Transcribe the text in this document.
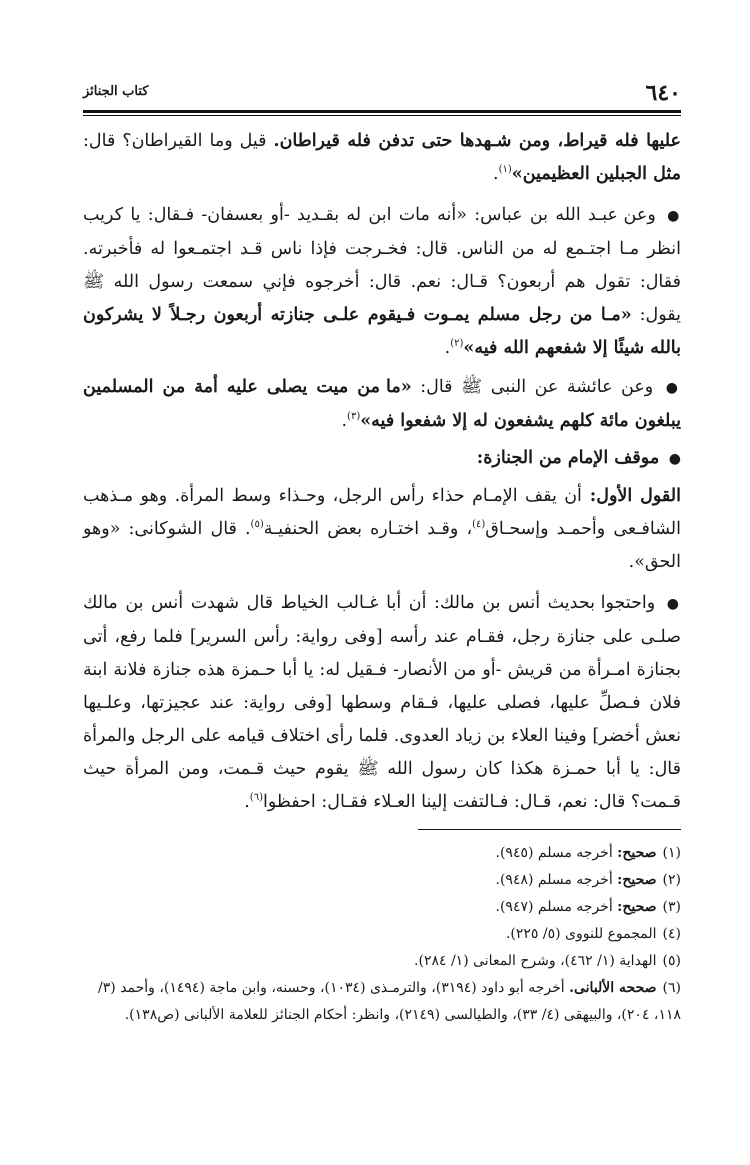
٦٤٠
كتاب الجنائز

عليها فله قيراط، ومن شـهدها حتى تدفن فله قيراطان. قيل وما القيراطان؟ قال: مثل الجبلين العظيمين»$^{(١)}$.

● وعن عبـد الله بن عباس: «أنه مات ابن له بقـديد -أو بعسفان- فـقال: يا كريب انظر مـا اجتـمع له من الناس. قال: فخـرجت فإذا ناس قـد اجتمـعوا له فأخبرته. فقال: تقول هم أربعون؟ قـال: نعم. قال: أخرجوه فإني سمعت رسول الله ﷺ يقول: «مـا من رجل مسلم يمـوت فـيقوم علـى جنازته أربعون رجـلاً لا يشركون بالله شيئًا إلا شفعهم الله فيه»$^{(٢)}$.

● وعن عائشة عن النبى ﷺ قال: «ما من ميت يصلى عليه أمة من المسلمين يبلغون مائة كلهم يشفعون له إلا شفعوا فيه»$^{(٣)}$.

● موقف الإمام من الجنازة:

القول الأول: أن يقف الإمـام حذاء رأس الرجل، وحـذاء وسط المرأة. وهو مـذهب الشافـعى وأحمـد وإسحـاق$^{(٤)}$، وقـد اختـاره بعض الحنفيـة$^{(٥)}$. قال الشوكانى: «وهو الحق».

● واحتجوا بحديث أنس بن مالك: أن أبا غـالب الخياط قال شهدت أنس بن مالك صلـى على جنازة رجل، فقـام عند رأسه [وفى رواية: رأس السرير] فلما رفع، أتى بجنازة امـرأة من قريش -أو من الأنصار- فـقيل له: يا أبا حـمزة هذه جنازة فلانة ابنة فلان فـصلِّ عليها، فصلى عليها، فـقام وسطها [وفى رواية: عند عجيزتها، وعلـيها نعش أخضر] وفينا العلاء بن زياد العدوى. فلما رأى اختلاف قيامه على الرجل والمرأة قال: يا أبا حمـزة هكذا كان رسول الله ﷺ يقوم حيث قـمت، ومن المرأة حيث قـمت؟ قال: نعم، قـال: فـالتفت إلينا العـلاء فقـال: احفظوا$^{(٦)}$.

(١)صحيح: أخرجه مسلم (٩٤٥).

(٢)صحيح: أخرجه مسلم (٩٤٨).

(٣)صحيح: أخرجه مسلم (٩٤٧).

(٤)المجموع للنووى (٥/ ٢٢٥).

(٥)الهداية (١/ ٤٦٢)، وشرح المعانى (١/ ٢٨٤).

(٦)صححه الألبانى. أخرجه أبو داود (٣١٩٤)، والترمـذى (١٠٣٤)، وحسنه، وابن ماجة (١٤٩٤)، وأحمد (٣/ ١١٨، ٢٠٤)، والبيهقى (٤/ ٣٣)، والطيالسى (٢١٤٩)، وانظر: أحكام الجنائز للعلامة الألبانى (ص١٣٨).
